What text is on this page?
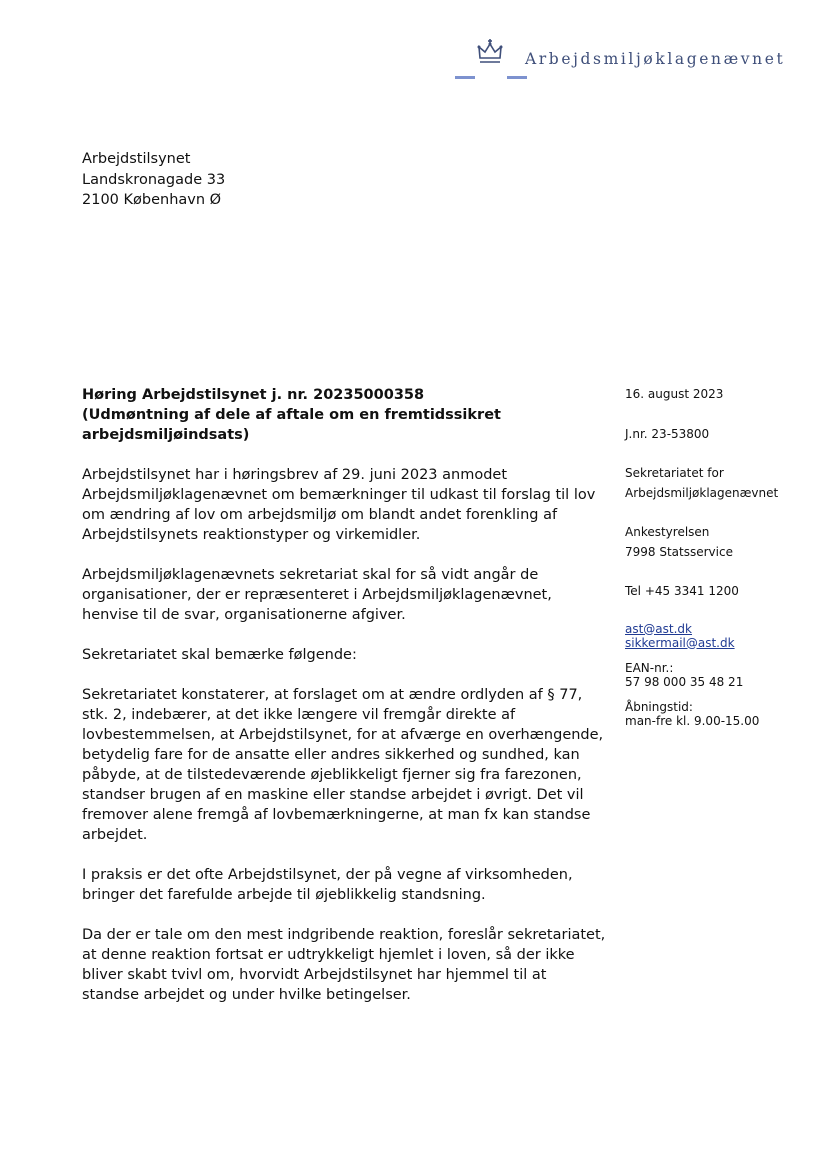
Arbejdsmiljøklagenævnet
Arbejdstilsynet
Landskronagade 33
2100 København Ø
Høring Arbejdstilsynet j. nr. 20235000358
(Udmøntning af dele af aftale om en fremtidssikret
arbejdsmiljøindsats)

Arbejdstilsynet har i høringsbrev af 29. juni 2023 anmodet Arbejdsmiljøklagenævnet om bemærkninger til udkast til forslag til lov om ændring af lov om arbejdsmiljø om blandt andet forenkling af Arbejdstilsynets reaktionstyper og virkemidler.

Arbejdsmiljøklagenævnets sekretariat skal for så vidt angår de organisationer, der er repræsenteret i Arbejdsmiljøklagenævnet, henvise til de svar, organisationerne afgiver.

Sekretariatet skal bemærke følgende:

Sekretariatet konstaterer, at forslaget om at ændre ordlyden af § 77, stk. 2, indebærer, at det ikke længere vil fremgår direkte af lovbestemmelsen, at Arbejdstilsynet, for at afværge en overhængende, betydelig fare for de ansatte eller andres sikkerhed og sundhed, kan påbyde, at de tilstedeværende øjeblikkeligt fjerner sig fra farezonen, standser brugen af en maskine eller standse arbejdet i øvrigt. Det vil fremover alene fremgå af lovbemærkningerne, at man fx kan standse arbejdet.

I praksis er det ofte Arbejdstilsynet, der på vegne af virksomheden, bringer det farefulde arbejde til øjeblikkelig standsning.

Da der er tale om den mest indgribende reaktion, foreslår sekretariatet, at denne reaktion fortsat er udtrykkeligt hjemlet i loven, så der ikke bliver skabt tvivl om, hvorvidt Arbejdstilsynet har hjemmel til at standse arbejdet og under hvilke betingelser.

16. august 2023
J.nr. 23-53800
Sekretariatet for
Arbejdsmiljøklagenævnet
Ankestyrelsen
7998 Statsservice
Tel +45 3341 1200
ast@ast.dk
sikkermail@ast.dk
EAN-nr.:
57 98 000 35 48 21
Åbningstid:
man-fre kl. 9.00-15.00
